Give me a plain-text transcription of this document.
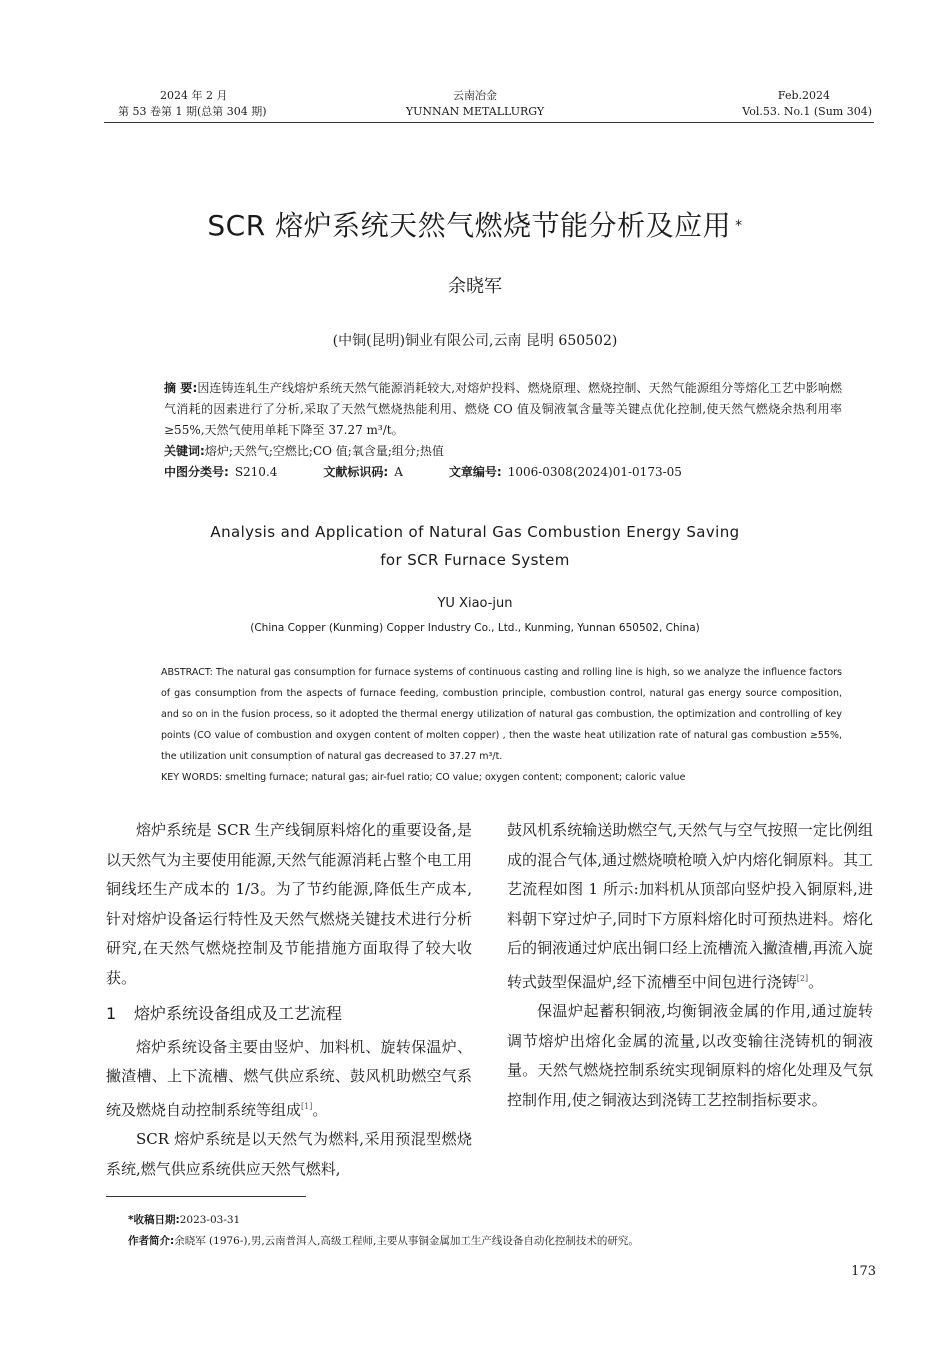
2024 年 2 月
第 53 卷第 1 期(总第 304 期)
云南冶金
YUNNAN METALLURGY
Feb.2024
Vol.53. No.1 (Sum 304)
SCR 熔炉系统天然气燃烧节能分析及应用 *
余晓军
(中铜(昆明)铜业有限公司,云南 昆明 650502)
摘 要:因连铸连轧生产线熔炉系统天然气能源消耗较大,对熔炉投料、燃烧原理、燃烧控制、天然气能源组分等熔化工艺中影响燃气消耗的因素进行了分析,采取了天然气燃烧热能利用、燃烧 CO 值及铜液氧含量等关键点优化控制,使天然气燃烧余热利用率≥55%,天然气使用单耗下降至 37.27 m³/t。
关键词:熔炉;天然气;空燃比;CO 值;氧含量;组分;热值
中图分类号: S210.4	文献标识码: A	文章编号: 1006-0308(2024)01-0173-05
Analysis and Application of Natural Gas Combustion Energy Saving
for SCR Furnace System
YU Xiao-jun
(China Copper (Kunming) Copper Industry Co., Ltd., Kunming, Yunnan 650502, China)
ABSTRACT: The natural gas consumption for furnace systems of continuous casting and rolling line is high, so we analyze the influence factors of gas consumption from the aspects of furnace feeding, combustion principle, combustion control, natural gas energy source composition, and so on in the fusion process, so it adopted the thermal energy utilization of natural gas combustion, the optimization and controlling of key points (CO value of combustion and oxygen content of molten copper) , then the waste heat utilization rate of natural gas combustion ≥55%, the utilization unit consumption of natural gas decreased to 37.27 m³/t.
KEY WORDS: smelting furnace; natural gas; air-fuel ratio; CO value; oxygen content; component; caloric value

熔炉系统是 SCR 生产线铜原料熔化的重要设备,是以天然气为主要使用能源,天然气能源消耗占整个电工用铜线坯生产成本的 1/3。为了节约能源,降低生产成本,针对熔炉设备运行特性及天然气燃烧关键技术进行分析研究,在天然气燃烧控制及节能措施方面取得了较大收获。

1 熔炉系统设备组成及工艺流程

熔炉系统设备主要由竖炉、加料机、旋转保温炉、撇渣槽、上下流槽、燃气供应系统、鼓风机助燃空气系统及燃烧自动控制系统等组成[1]。

SCR 熔炉系统是以天然气为燃料,采用预混型燃烧系统,燃气供应系统供应天然气燃料,

鼓风机系统输送助燃空气,天然气与空气按照一定比例组成的混合气体,通过燃烧喷枪喷入炉内熔化铜原料。其工艺流程如图 1 所示:加料机从顶部向竖炉投入铜原料,进料朝下穿过炉子,同时下方原料熔化时可预热进料。熔化后的铜液通过炉底出铜口经上流槽流入撇渣槽,再流入旋转式鼓型保温炉,经下流槽至中间包进行浇铸[2]。

保温炉起蓄积铜液,均衡铜液金属的作用,通过旋转调节熔炉出熔化金属的流量,以改变输往浇铸机的铜液量。天然气燃烧控制系统实现铜原料的熔化处理及气氛控制作用,使之铜液达到浇铸工艺控制指标要求。

*收稿日期:2023-03-31
作者简介:余晓军 (1976-),男,云南普洱人,高级工程师,主要从事铜金属加工生产线设备自动化控制技术的研究。
173
